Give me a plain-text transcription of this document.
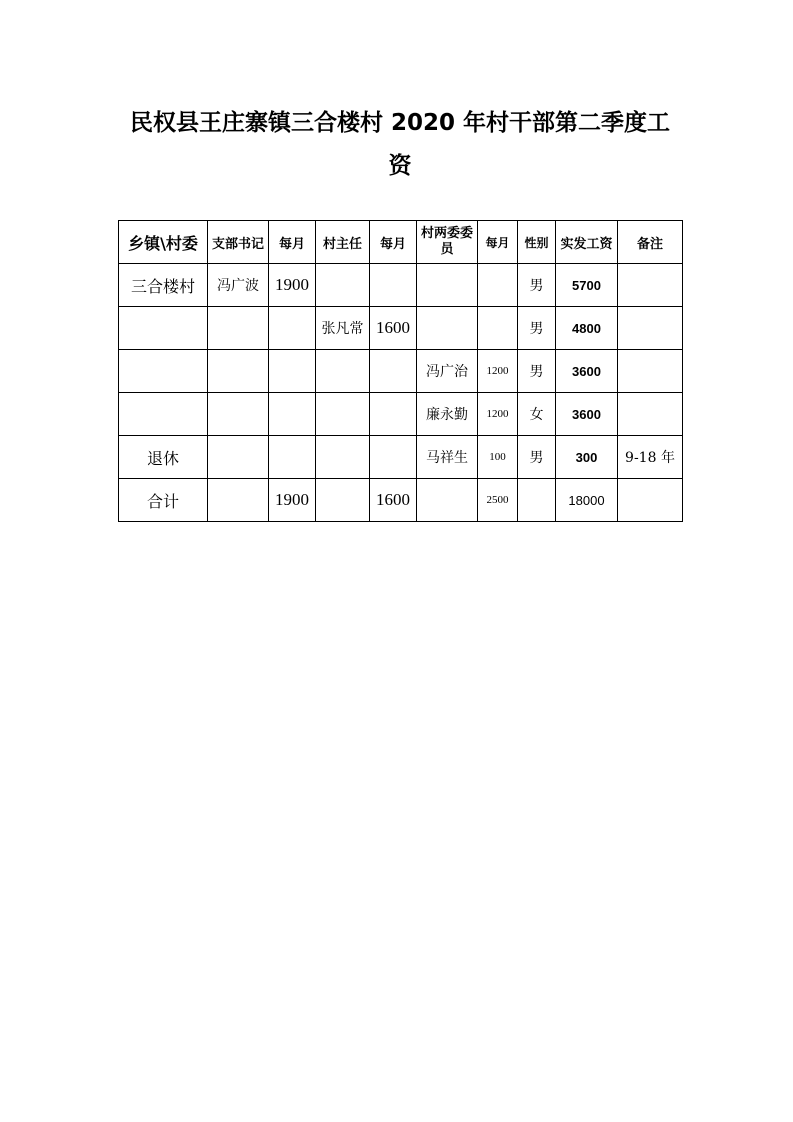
民权县王庄寨镇三合楼村 2020 年村干部第二季度工
资
乡镇\村委	支部书记	每月	村主任	每月	村两委委员	每月	性别	实发工资	备注
三合楼村	冯广波	1900					男	5700	
			张凡常	1600			男	4800	
					冯广治	1200	男	3600	
					廉永勤	1200	女	3600	
退休					马祥生	100	男	300	9-18 年
合计		1900		1600		2500		18000	
